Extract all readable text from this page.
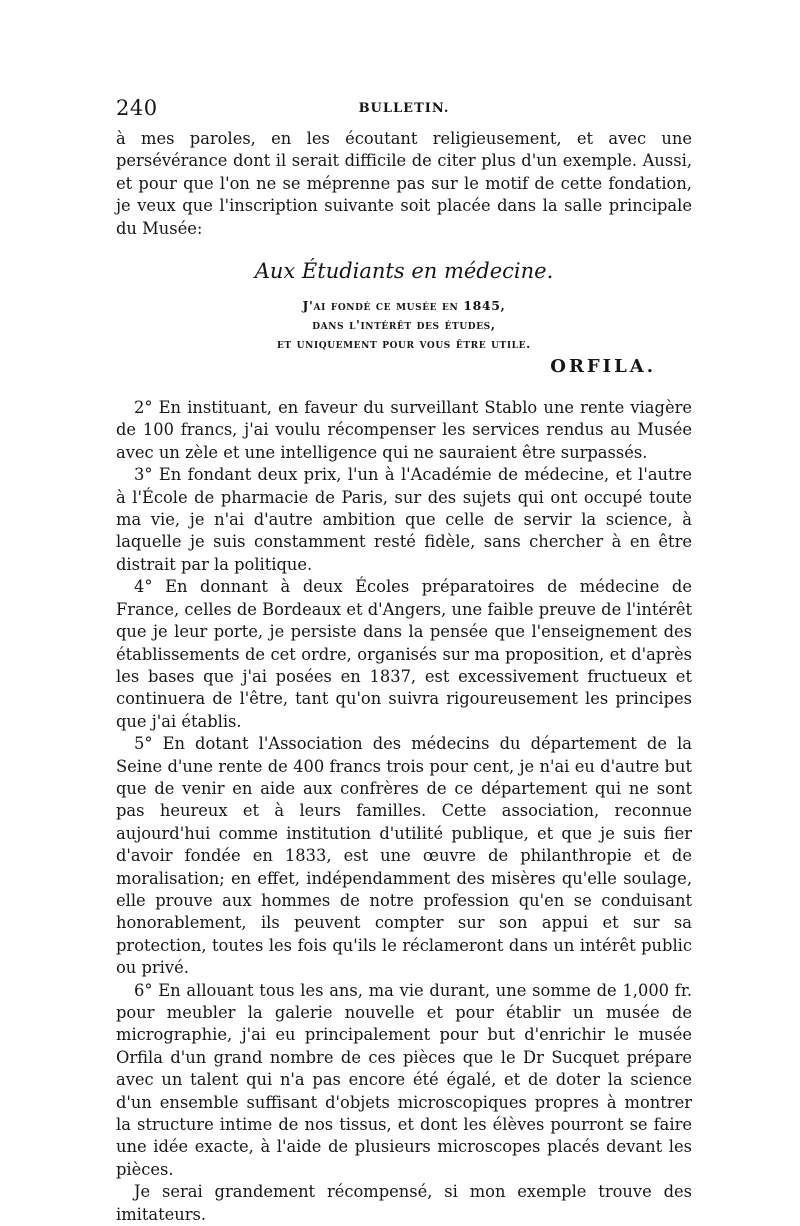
240	BULLETIN.

à mes paroles, en les écoutant religieusement, et avec une persévérance dont il serait difficile de citer plus d'un exemple. Aussi, et pour que l'on ne se méprenne pas sur le motif de cette fondation, je veux que l'inscription suivante soit placée dans la salle principale du Musée:

Aux Étudiants en médecine.
J'ai fondé ce musée en 1845,
dans l'intérêt des études,
et uniquement pour vous être utile.
ORFILA.

2° En instituant, en faveur du surveillant Stablo une rente viagère de 100 francs, j'ai voulu récompenser les services rendus au Musée avec un zèle et une intelligence qui ne sauraient être surpassés.

3° En fondant deux prix, l'un à l'Académie de médecine, et l'autre à l'École de pharmacie de Paris, sur des sujets qui ont occupé toute ma vie, je n'ai d'autre ambition que celle de servir la science, à laquelle je suis constamment resté fidèle, sans chercher à en être distrait par la politique.

4° En donnant à deux Écoles préparatoires de médecine de France, celles de Bordeaux et d'Angers, une faible preuve de l'intérêt que je leur porte, je persiste dans la pensée que l'enseignement des établissements de cet ordre, organisés sur ma proposition, et d'après les bases que j'ai posées en 1837, est excessivement fructueux et continuera de l'être, tant qu'on suivra rigoureusement les principes que j'ai établis.

5° En dotant l'Association des médecins du département de la Seine d'une rente de 400 francs trois pour cent, je n'ai eu d'autre but que de venir en aide aux confrères de ce département qui ne sont pas heureux et à leurs familles. Cette association, reconnue aujourd'hui comme institution d'utilité publique, et que je suis fier d'avoir fondée en 1833, est une œuvre de philanthropie et de moralisation; en effet, indépendamment des misères qu'elle soulage, elle prouve aux hommes de notre profession qu'en se conduisant honorablement, ils peuvent compter sur son appui et sur sa protection, toutes les fois qu'ils le réclameront dans un intérêt public ou privé.

6° En allouant tous les ans, ma vie durant, une somme de 1,000 fr. pour meubler la galerie nouvelle et pour établir un musée de micrographie, j'ai eu principalement pour but d'enrichir le musée Orfila d'un grand nombre de ces pièces que le Dr Sucquet prépare avec un talent qui n'a pas encore été égalé, et de doter la science d'un ensemble suffisant d'objets microscopiques propres à montrer la structure intime de nos tissus, et dont les élèves pourront se faire une idée exacte, à l'aide de plusieurs microscopes placés devant les pièces.

Je serai grandement récompensé, si mon exemple trouve des imitateurs.
